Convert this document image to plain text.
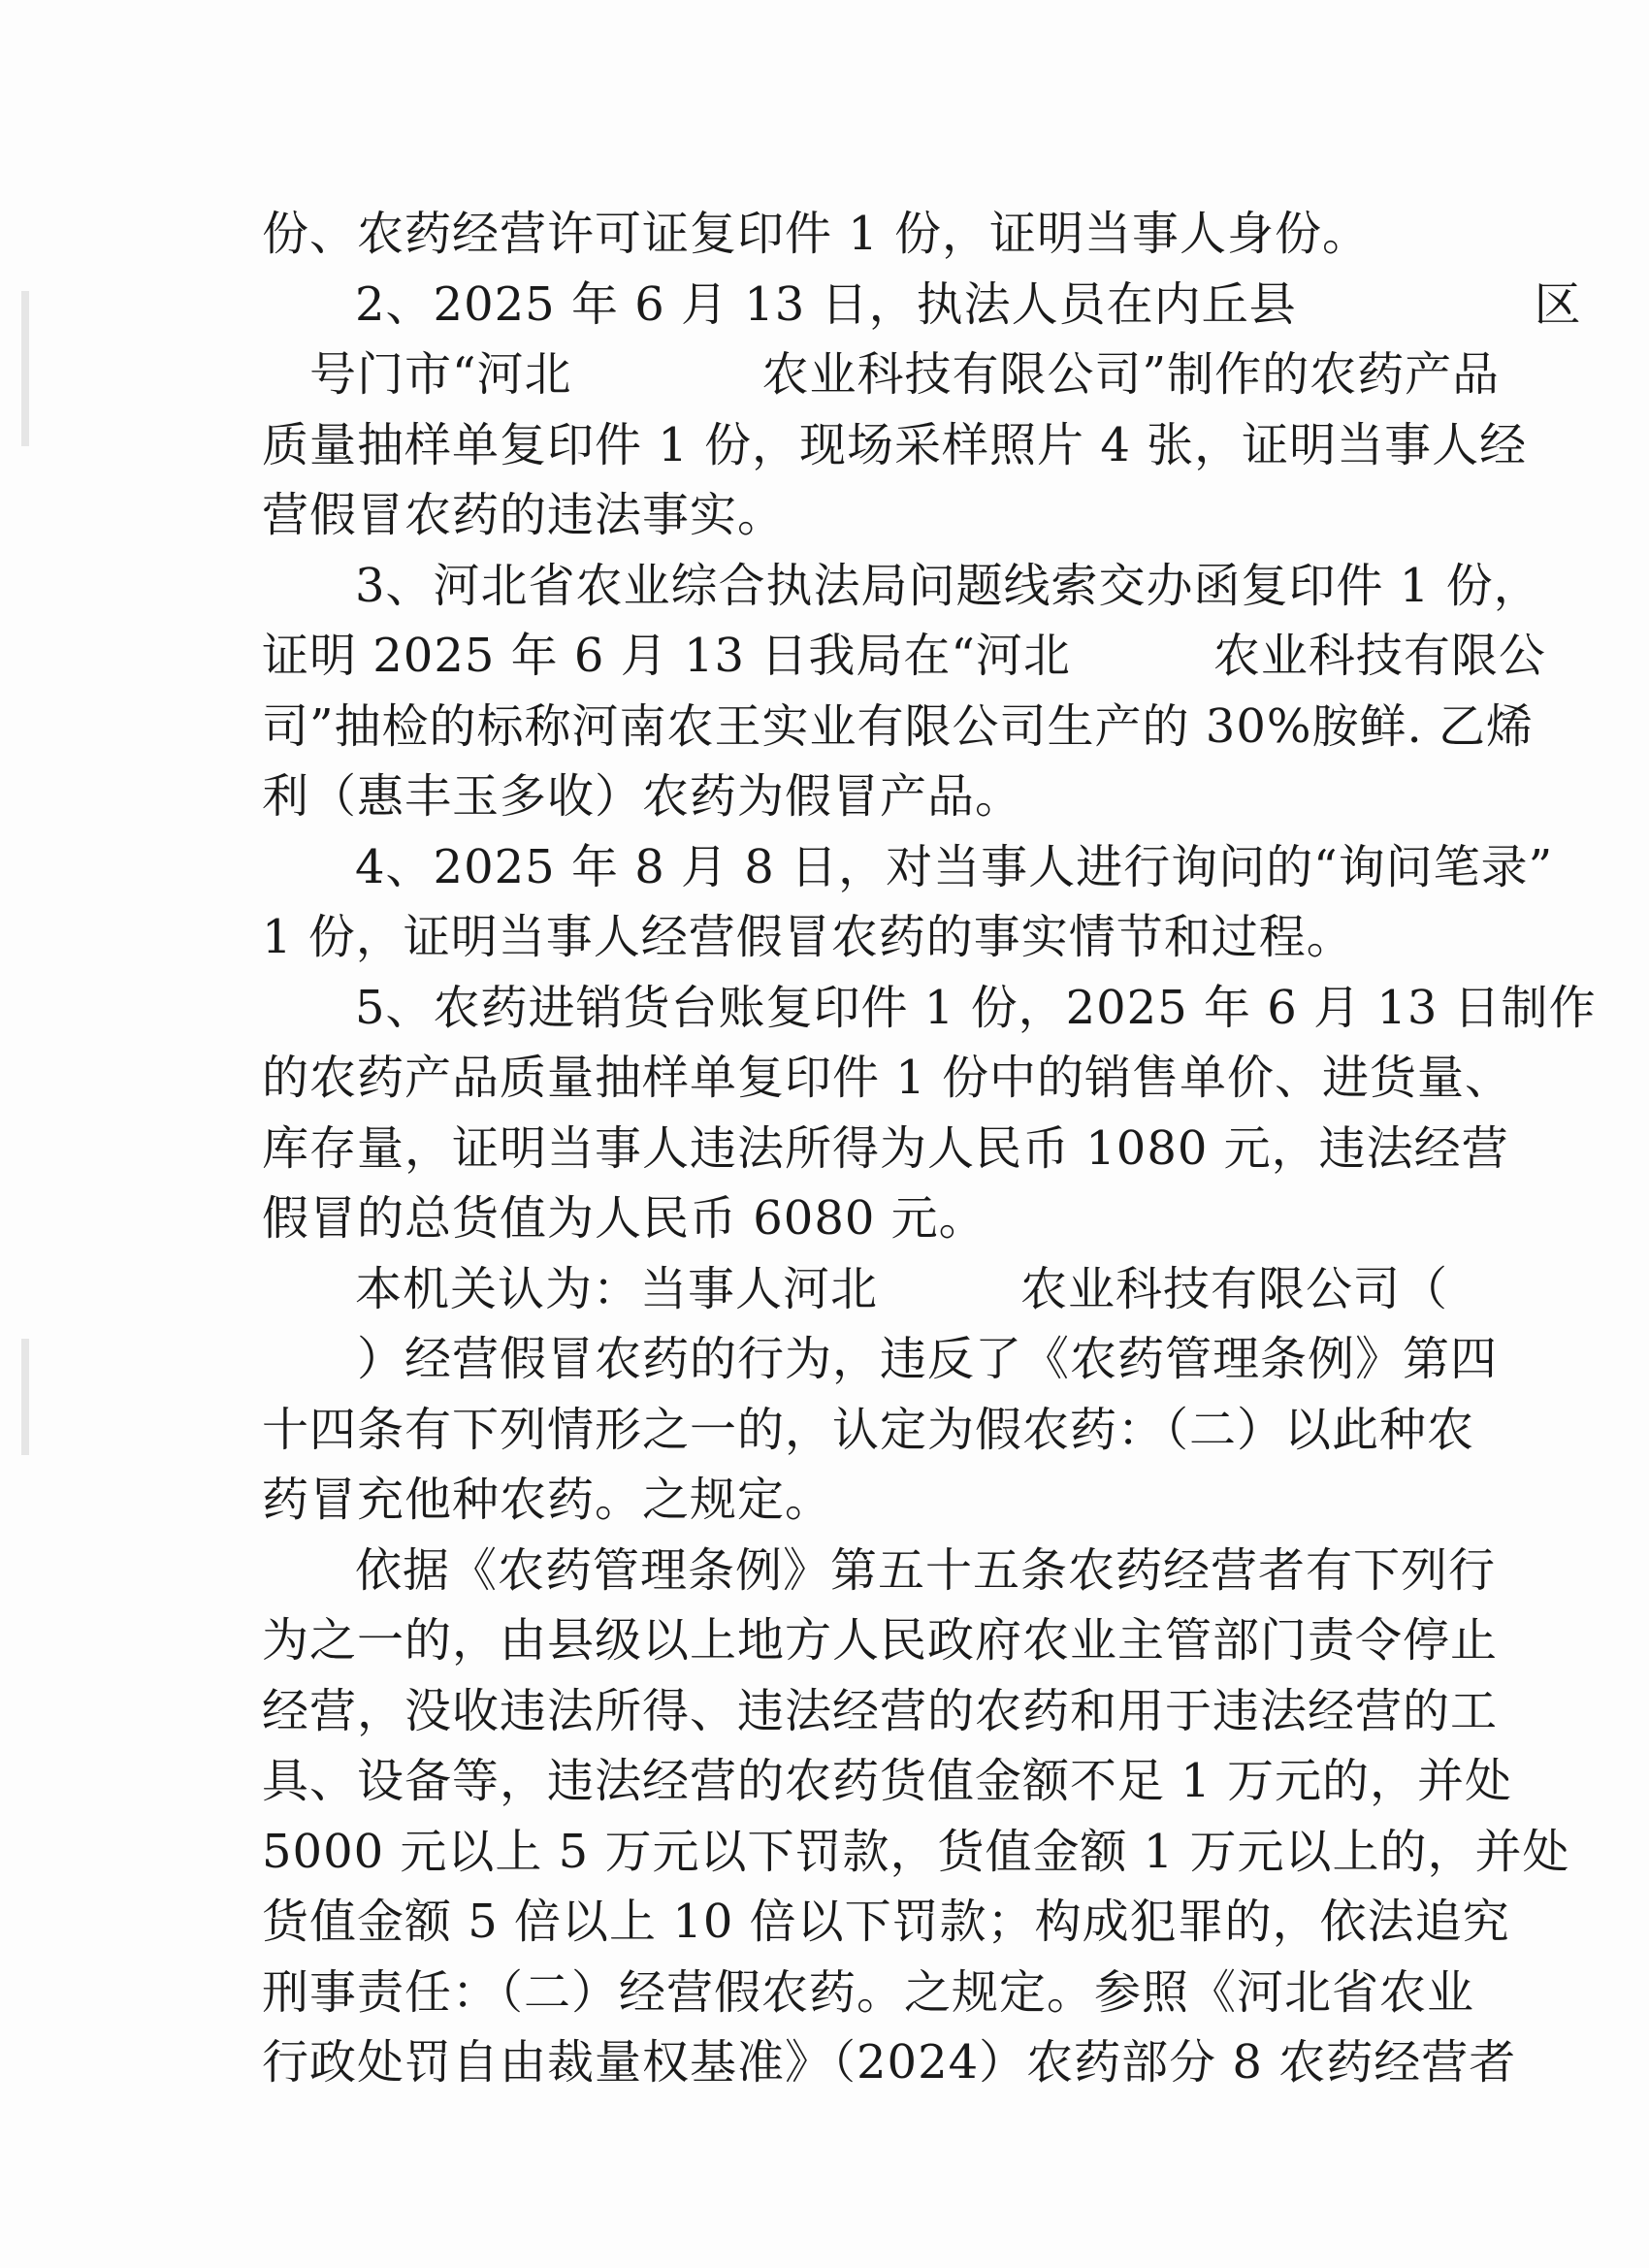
份、农药经营许可证复印件 1 份，证明当事人身份。
2、2025 年 6 月 13 日，执法人员在内丘县　　　　　区
　号门市“河北　　　　农业科技有限公司”制作的农药产品
质量抽样单复印件 1 份，现场采样照片 4 张，证明当事人经
营假冒农药的违法事实。
3、河北省农业综合执法局问题线索交办函复印件 1 份，
证明 2025 年 6 月 13 日我局在“河北　　　农业科技有限公
司”抽检的标称河南农王实业有限公司生产的 30%胺鲜. 乙烯
利（惠丰玉多收）农药为假冒产品。
4、2025 年 8 月 8 日，对当事人进行询问的“询问笔录”
1 份，证明当事人经营假冒农药的事实情节和过程。
5、农药进销货台账复印件 1 份，2025 年 6 月 13 日制作
的农药产品质量抽样单复印件 1 份中的销售单价、进货量、
库存量，证明当事人违法所得为人民币 1080 元，违法经营
假冒的总货值为人民币 6080 元。
本机关认为：当事人河北　　　农业科技有限公司（
　　）经营假冒农药的行为，违反了《农药管理条例》第四
十四条有下列情形之一的，认定为假农药：（二）以此种农
药冒充他种农药。之规定。
依据《农药管理条例》第五十五条农药经营者有下列行
为之一的，由县级以上地方人民政府农业主管部门责令停止
经营，没收违法所得、违法经营的农药和用于违法经营的工
具、设备等，违法经营的农药货值金额不足 1 万元的，并处
5000 元以上 5 万元以下罚款，货值金额 1 万元以上的，并处
货值金额 5 倍以上 10 倍以下罚款；构成犯罪的，依法追究
刑事责任：（二）经营假农药。之规定。参照《河北省农业
行政处罚自由裁量权基准》（2024）农药部分 8 农药经营者
